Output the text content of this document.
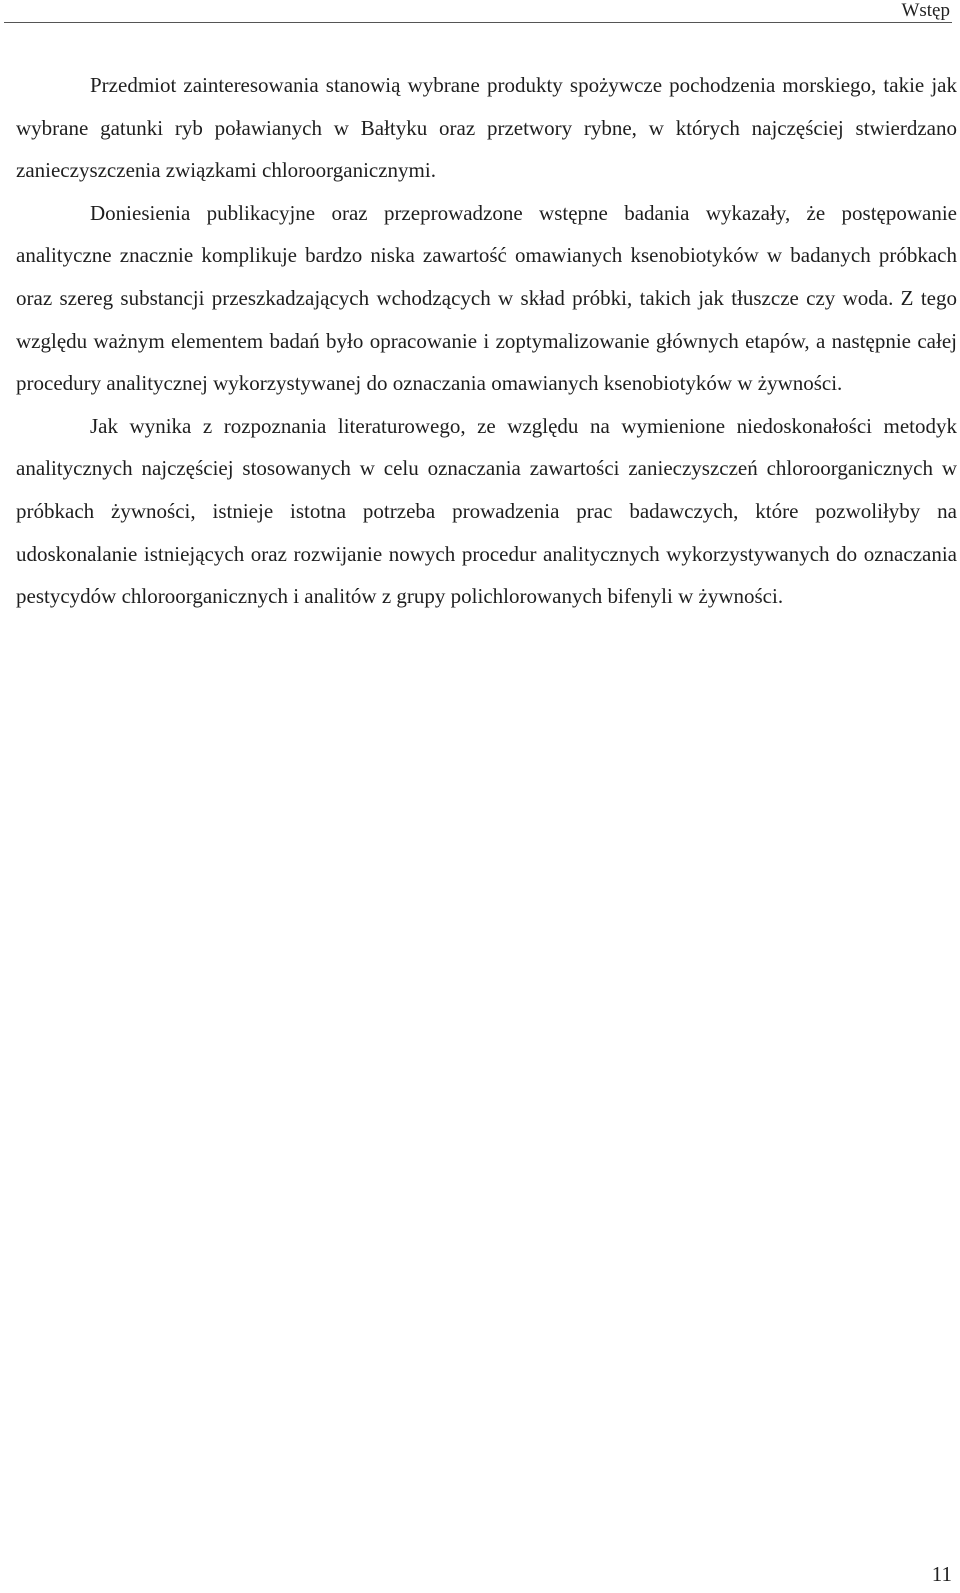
Wstęp

Przedmiot zainteresowania stanowią wybrane produkty spożywcze pochodzenia morskiego, takie jak wybrane gatunki ryb poławianych w Bałtyku oraz przetwory rybne, w których najczęściej stwierdzano zanieczyszczenia związkami chloroorganicznymi.

Doniesienia publikacyjne oraz przeprowadzone wstępne badania wykazały, że postępowanie analityczne znacznie komplikuje bardzo niska zawartość omawianych ksenobiotyków w badanych próbkach oraz szereg substancji przeszkadzających wchodzących w skład próbki, takich jak tłuszcze czy woda. Z tego względu ważnym elementem badań było opracowanie i zoptymalizowanie głównych etapów, a następnie całej procedury analitycznej wykorzystywanej do oznaczania omawianych ksenobiotyków w żywności.

Jak wynika z rozpoznania literaturowego, ze względu na wymienione niedoskonałości metodyk analitycznych najczęściej stosowanych w celu oznaczania zawartości zanieczyszczeń chloroorganicznych w próbkach żywności, istnieje istotna potrzeba prowadzenia prac badawczych, które pozwoliłyby na udoskonalanie istniejących oraz rozwijanie nowych procedur analitycznych wykorzystywanych do oznaczania pestycydów chloroorganicznych i analitów z grupy polichlorowanych bifenyli w żywności.

11
